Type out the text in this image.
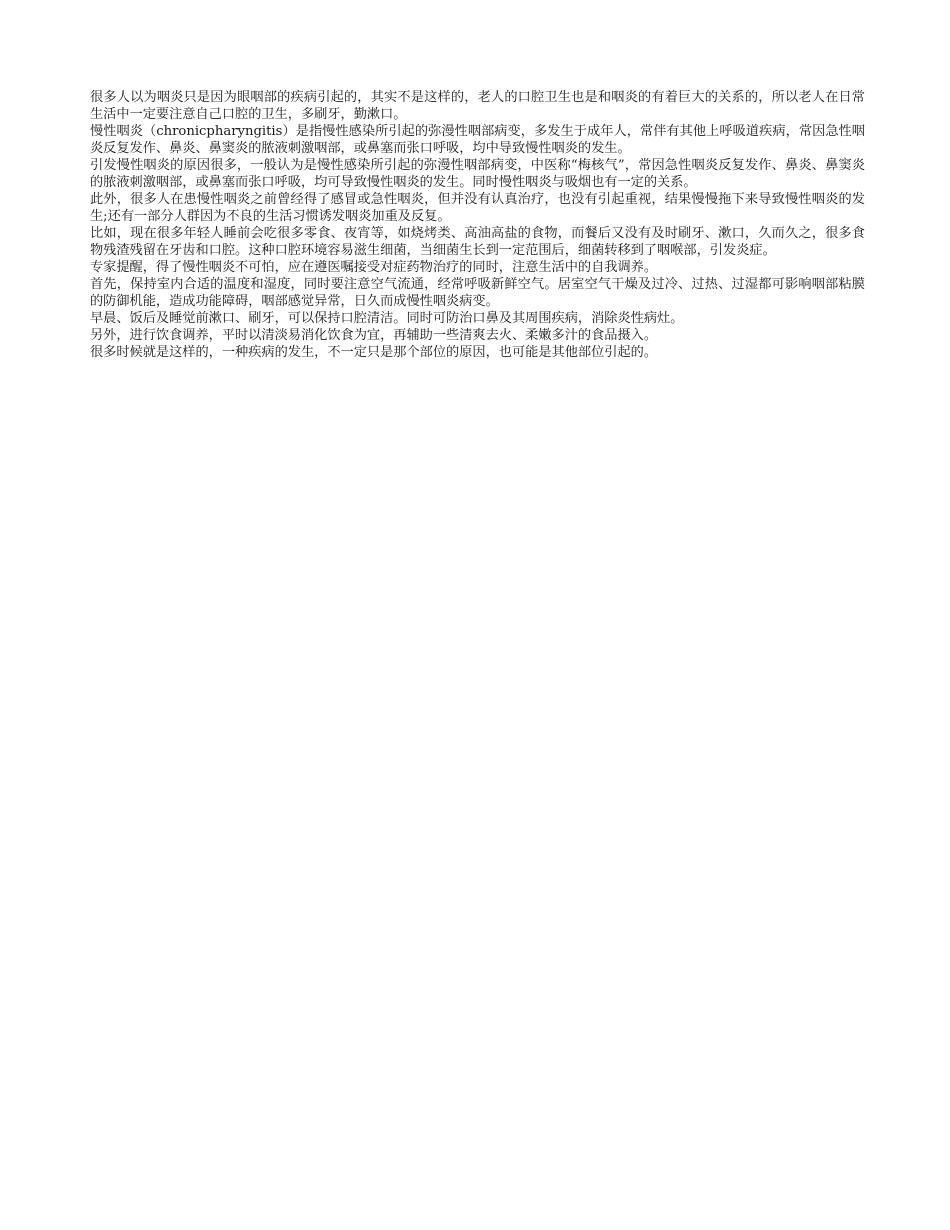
很多人以为咽炎只是因为眼咽部的疾病引起的，其实不是这样的，老人的口腔卫生也是和咽炎的有着巨大的关系的，所以老人在日常生活中一定要注意自己口腔的卫生，多刷牙，勤漱口。

慢性咽炎（chronicpharyngitis）是指慢性感染所引起的弥漫性咽部病变，多发生于成年人，常伴有其他上呼吸道疾病，常因急性咽炎反复发作、鼻炎、鼻窦炎的脓液刺激咽部，或鼻塞而张口呼吸，均中导致慢性咽炎的发生。

引发慢性咽炎的原因很多，一般认为是慢性感染所引起的弥漫性咽部病变，中医称“梅核气”，常因急性咽炎反复发作、鼻炎、鼻窦炎的脓液刺激咽部，或鼻塞而张口呼吸，均可导致慢性咽炎的发生。同时慢性咽炎与吸烟也有一定的关系。

此外，很多人在患慢性咽炎之前曾经得了感冒或急性咽炎，但并没有认真治疗，也没有引起重视，结果慢慢拖下来导致慢性咽炎的发生;还有一部分人群因为不良的生活习惯诱发咽炎加重及反复。

比如，现在很多年轻人睡前会吃很多零食、夜宵等，如烧烤类、高油高盐的食物，而餐后又没有及时刷牙、漱口，久而久之，很多食物残渣残留在牙齿和口腔。这种口腔环境容易滋生细菌，当细菌生长到一定范围后，细菌转移到了咽喉部，引发炎症。

专家提醒，得了慢性咽炎不可怕，应在遵医嘱接受对症药物治疗的同时，注意生活中的自我调养。

首先，保持室内合适的温度和湿度，同时要注意空气流通，经常呼吸新鲜空气。居室空气干燥及过冷、过热、过湿都可影响咽部粘膜的防御机能，造成功能障碍，咽部感觉异常，日久而成慢性咽炎病变。

早晨、饭后及睡觉前漱口、刷牙，可以保持口腔清洁。同时可防治口鼻及其周围疾病，消除炎性病灶。

另外，进行饮食调养，平时以清淡易消化饮食为宜，再辅助一些清爽去火、柔嫩多汁的食品摄入。

很多时候就是这样的，一种疾病的发生，不一定只是那个部位的原因，也可能是其他部位引起的。
